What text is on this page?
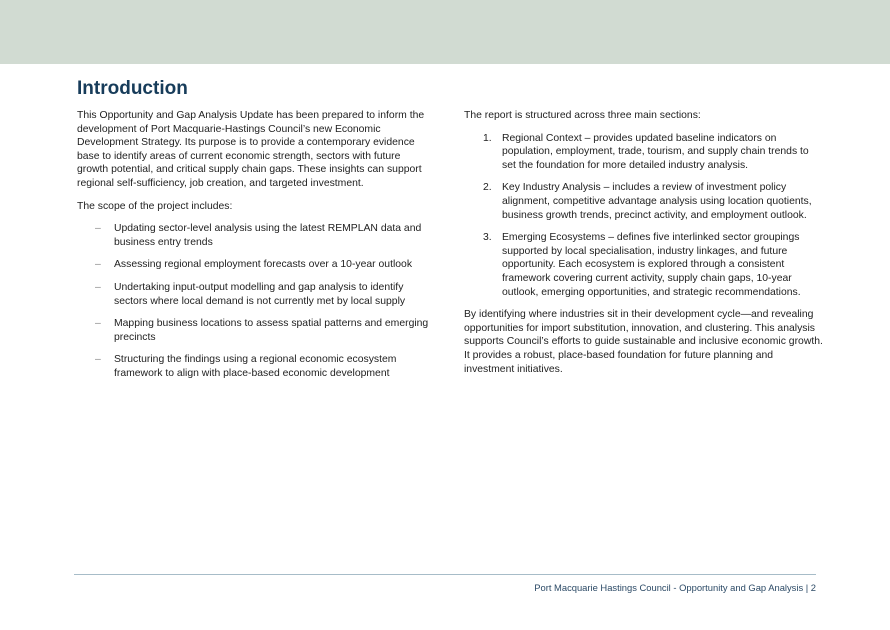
Introduction

This Opportunity and Gap Analysis Update has been prepared to inform the development of Port Macquarie-Hastings Council’s new Economic Development Strategy. Its purpose is to provide a contemporary evidence base to identify areas of current economic strength, sectors with future growth potential, and critical supply chain gaps. These insights can support regional self-sufficiency, job creation, and targeted investment.

The scope of the project includes:

– Updating sector-level analysis using the latest REMPLAN data and business entry trends
– Assessing regional employment forecasts over a 10-year outlook
– Undertaking input-output modelling and gap analysis to identify sectors where local demand is not currently met by local supply
– Mapping business locations to assess spatial patterns and emerging precincts
– Structuring the findings using a regional economic ecosystem framework to align with place-based economic development

The report is structured across three main sections:

1. Regional Context – provides updated baseline indicators on population, employment, trade, tourism, and supply chain trends to set the foundation for more detailed industry analysis.
2. Key Industry Analysis – includes a review of investment policy alignment, competitive advantage analysis using location quotients, business growth trends, precinct activity, and employment outlook.
3. Emerging Ecosystems – defines five interlinked sector groupings supported by local specialisation, industry linkages, and future opportunity. Each ecosystem is explored through a consistent framework covering current activity, supply chain gaps, 10-year outlook, emerging opportunities, and strategic recommendations.

By identifying where industries sit in their development cycle—and revealing opportunities for import substitution, innovation, and clustering. This analysis supports Council’s efforts to guide sustainable and inclusive economic growth. It provides a robust, place-based foundation for future planning and investment initiatives.

Port Macquarie Hastings Council - Opportunity and Gap Analysis | 2
